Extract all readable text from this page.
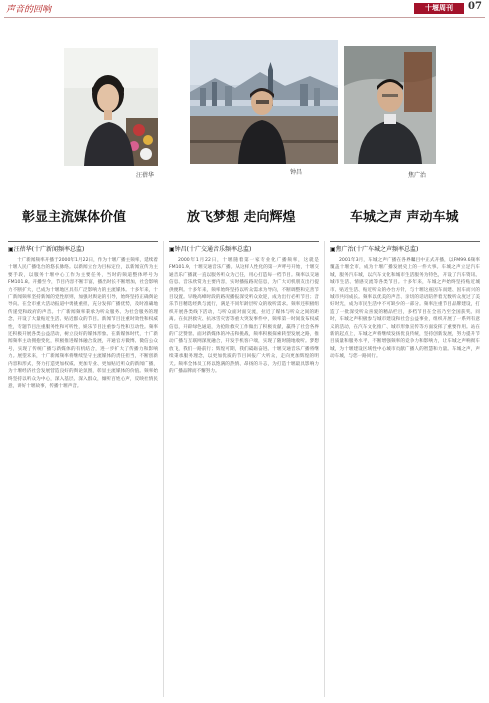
声音的回响	十堰周刊	07
汪蓓华	钟昌	焦广治
彰显主流媒体价值	放飞梦想 走向辉煌	车城之声 声动车城
▣汪蓓华(十广新闻频率总监)

十广新闻频率开播于2000年1月22日，作为十堰广播主频率，延续着十堰人民广播电台的悠长脉络。以新闻立台为目标定位，以新闻宣传为主要手段，以服务十堰中心工作为主要任务，当时的频道整体呼号为FM101.8。开播至今，节目内容不断丰富，播出时长不断增加，社会影响力不断扩大，已成为十堰地区具有广泛影响力的主流媒体。十多年来，十广新闻频率坚持新闻的党性原则，加强对舆论的引导，始终坚持正确舆论导向。在全市重大活动报道中勇挑重担，充分发挥广播优势，及时准确地传递党和政府的声音。十广新闻频率秉承为听众服务、为社会服务的理念，开设了大量贴近生活、贴近群众的节目。新闻节目注重时效性和权威性，专题节目注重服务性和可听性，娱乐节目注重参与性和互动性。频率还积极开展各类公益活动，树立良好的媒体形象。在新媒体时代，十广新闻频率主动拥抱变化，积极推进媒体融合发展，开通官方微博、微信公众号，实现了传统广播与新媒体的有机结合，进一步扩大了传播力和影响力。展望未来，十广新闻频率将继续坚守主流媒体的责任担当，不断创新内容和形式，努力打造更加权威、更加专业、更加贴近听众的新闻广播，为十堰经济社会发展营造良好的舆论氛围，彰显主流媒体的价值。频率始终坚持以听众为中心，深入基层、深入群众，倾听百姓心声，反映社情民意，讲好十堰故事，传播十堰声音。

▣钟昌(十广交通音乐频率总监)

2000年1月22日，十堰随着第一家专业化广播频率，这就是FM101.9，十堰交通音乐广播。从这样人性化的第一声呼号开始，十堰交通音乐广播就一直以服务听众为己任，用心打造每一档节目。频率以交通信息、音乐欣赏为主要内容，实时播报路况信息，为广大司机朋友出行提供便利。十多年来，频率始终坚持以听众需求为导向，不断调整和完善节目设置。早晚高峰时段的路况播报深受听众欢迎，成为出行必听节目；音乐节目精选经典与流行，满足不同年龄层听众的收听需求。频率还积极组织开展各类线下活动，与听众面对面交流，拉近了媒体与听众之间的距离。在抗洪救灾、抗冰雪灾害等重大突发事件中，频率第一时间发布权威信息，开辟绿色通道，为抢险救灾工作做出了积极贡献，赢得了社会各界的广泛赞誉。面对新媒体的冲击和挑战，频率积极探索转型发展之路，推动广播与互联网深度融合，开发手机客户端，实现了随时随地收听。梦想放飞，我们一路前行；辉煌可期，我们砥砺奋进。十堰交通音乐广播将继续秉承服务理念，以更加优质的节目回报广大听众，走向更加辉煌的明天。频率全体员工将以饱满的热情、昂扬的斗志，为打造十堰最具影响力的广播品牌而不懈努力。

▣焦广治(十广车城之声频率总监)

2001年3月，车城之声广播在各界瞩目中正式开播，以FM99.6频率覆盖十堰全市，成为十堰广播发展史上的一件大事。车城之声立足汽车城，服务汽车城，以汽车文化和城市生活服务为特色，开设了汽车资讯、城市生活、情感交流等各类节目。十多年来，车城之声始终坚持贴近城市、贴近生活、贴近听众的办台方针，与十堰这座因车而建、因车而兴的城市共同成长。频率以优美的声音、亲切的话语陪伴着无数听众度过了美好时光，成为市民生活中不可缺少的一部分。频率注重节目品牌建设，打造了一批深受听众喜爱的精品栏目，多档节目在全省乃至全国获奖。同时，车城之声积极参与城市建设和社会公益事业，组织开展了一系列有意义的活动，在汽车文化推广、城市形象宣传等方面发挥了重要作用。站在新的起点上，车城之声将继续发扬优良传统，坚持创新发展，努力提升节目质量和服务水平，不断增强频率的竞争力和影响力，让车城之声响彻车城，为十堰建设区域性中心城市贡献广播人的智慧和力量。车城之声，声动车城，与您一路同行。
